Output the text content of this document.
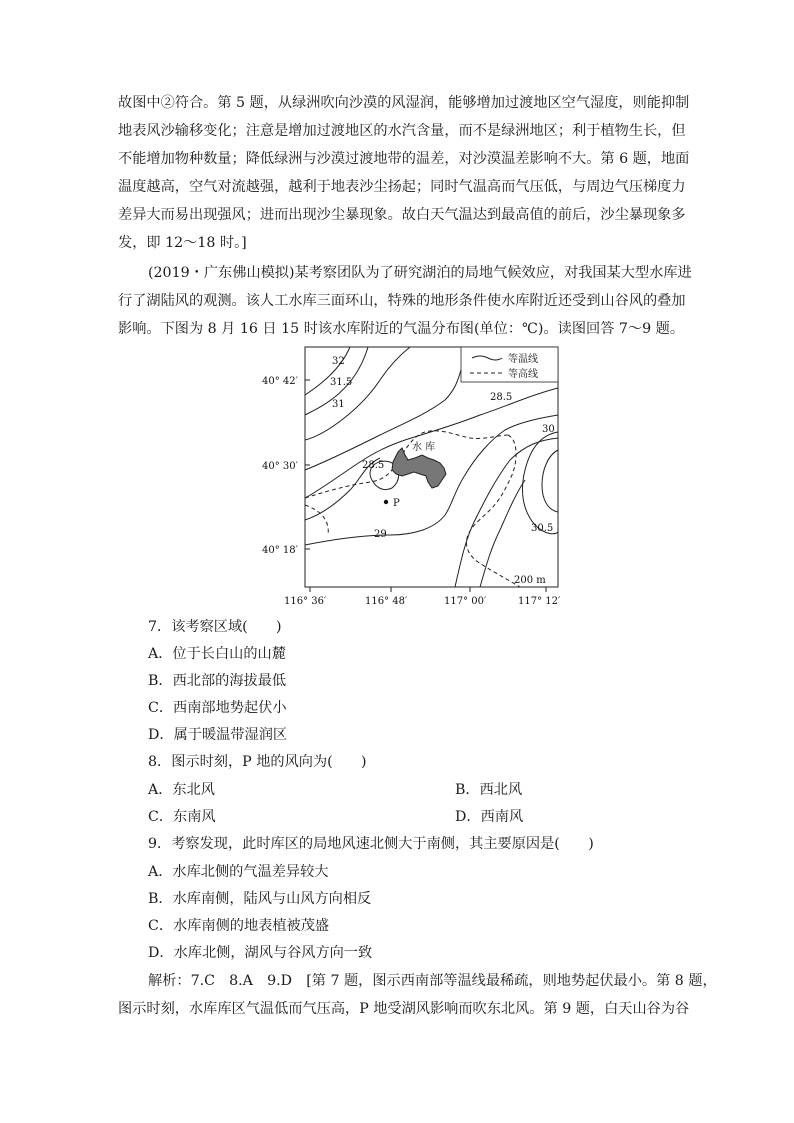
故图中②符合。第 5 题，从绿洲吹向沙漠的风湿润，能够增加过渡地区空气湿度，则能抑制

地表风沙输移变化；注意是增加过渡地区的水汽含量，而不是绿洲地区；利于植物生长，但

不能增加物种数量；降低绿洲与沙漠过渡地带的温差，对沙漠温差影响不大。第 6 题，地面

温度越高，空气对流越强，越利于地表沙尘扬起；同时气温高而气压低，与周边气压梯度力

差异大而易出现强风；进而出现沙尘暴现象。故白天气温达到最高值的前后，沙尘暴现象多

发，即 12～18 时。]

(2019・广东佛山模拟)某考察团队为了研究湖泊的局地气候效应，对我国某大型水库进

行了湖陆风的观测。该人工水库三面环山，特殊的地形条件使水库附近还受到山谷风的叠加

影响。下图为 8 月 16 日 15 时该水库附近的气温分布图(单位：℃)。读图回答 7～9 题。

等温线
等高线
水 库
P
32
31.5
31
28.5
28.5
30
29
30.5
200 m
40° 42′
40° 30′
40° 18′
116° 36′	116° 48′	117° 00′	117° 12′

7．该考察区域(　　)

A．位于长白山的山麓

B．西北部的海拔最低

C．西南部地势起伏小

D．属于暖温带湿润区

8．图示时刻，P 地的风向为(　　)

A．东北风	B．西北风

C．东南风	D．西南风

9．考察发现，此时库区的局地风速北侧大于南侧，其主要原因是(　　)

A．水库北侧的气温差异较大

B．水库南侧，陆风与山风方向相反

C．水库南侧的地表植被茂盛

D．水库北侧，湖风与谷风方向一致

解析：7.C　8.A　9.D　[第 7 题，图示西南部等温线最稀疏，则地势起伏最小。第 8 题，

图示时刻，水库库区气温低而气压高，P 地受湖风影响而吹东北风。第 9 题，白天山谷为谷
